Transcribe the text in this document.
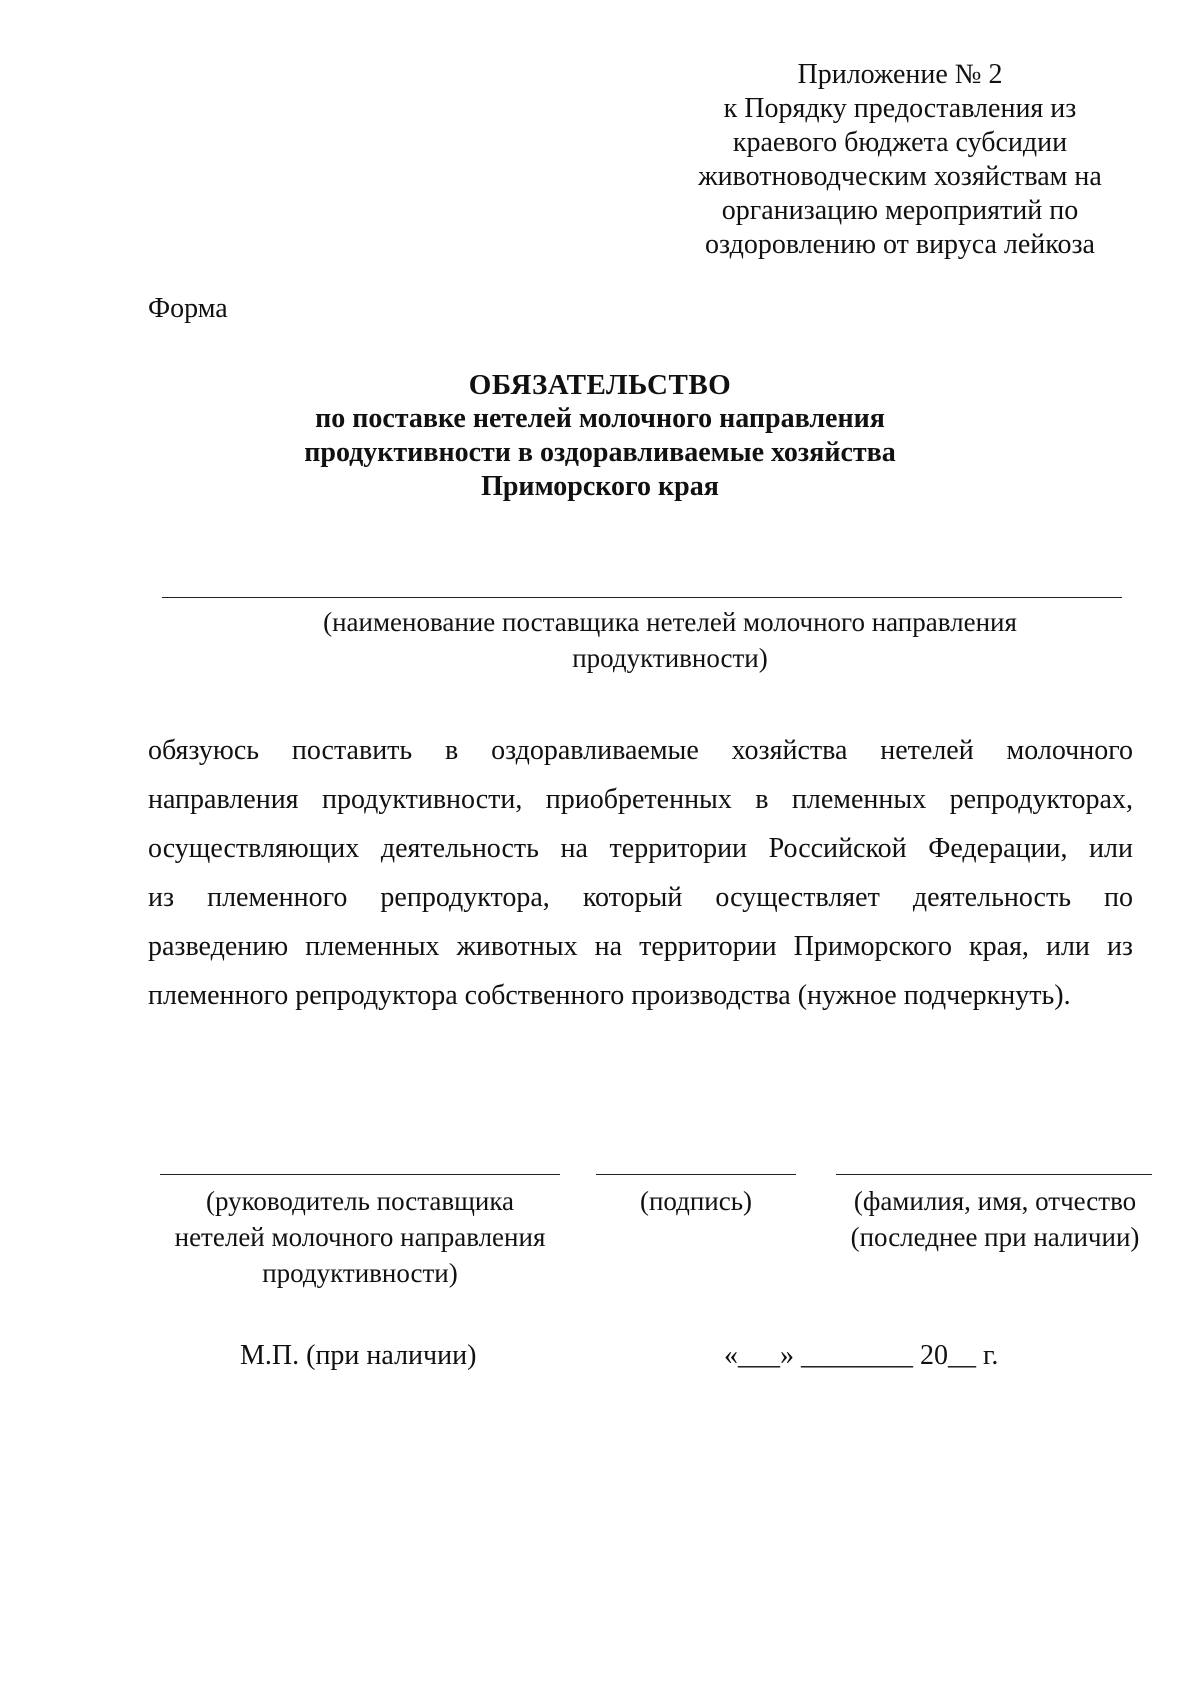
Приложение № 2
к Порядку предоставления из
краевого бюджета субсидии
животноводческим хозяйствам на
организацию мероприятий по
оздоровлению от вируса лейкоза
Форма
ОБЯЗАТЕЛЬСТВО
по поставке нетелей молочного направления
продуктивности в оздоравливаемые хозяйства
Приморского края
(наименование поставщика нетелей молочного направления
продуктивности)
обязуюсь поставить в оздоравливаемые хозяйства нетелей молочного
направления продуктивности, приобретенных в племенных репродукторах,
осуществляющих деятельность на территории Российской Федерации, или
из племенного репродуктора, который осуществляет деятельность по
разведению племенных животных на территории Приморского края, или из
племенного репродуктора собственного производства (нужное подчеркнуть).
(руководитель поставщика
нетелей молочного направления
продуктивности)
(подпись)	(фамилия, имя, отчество
(последнее при наличии)
М.П. (при наличии)	«___» ________ 20__ г.
